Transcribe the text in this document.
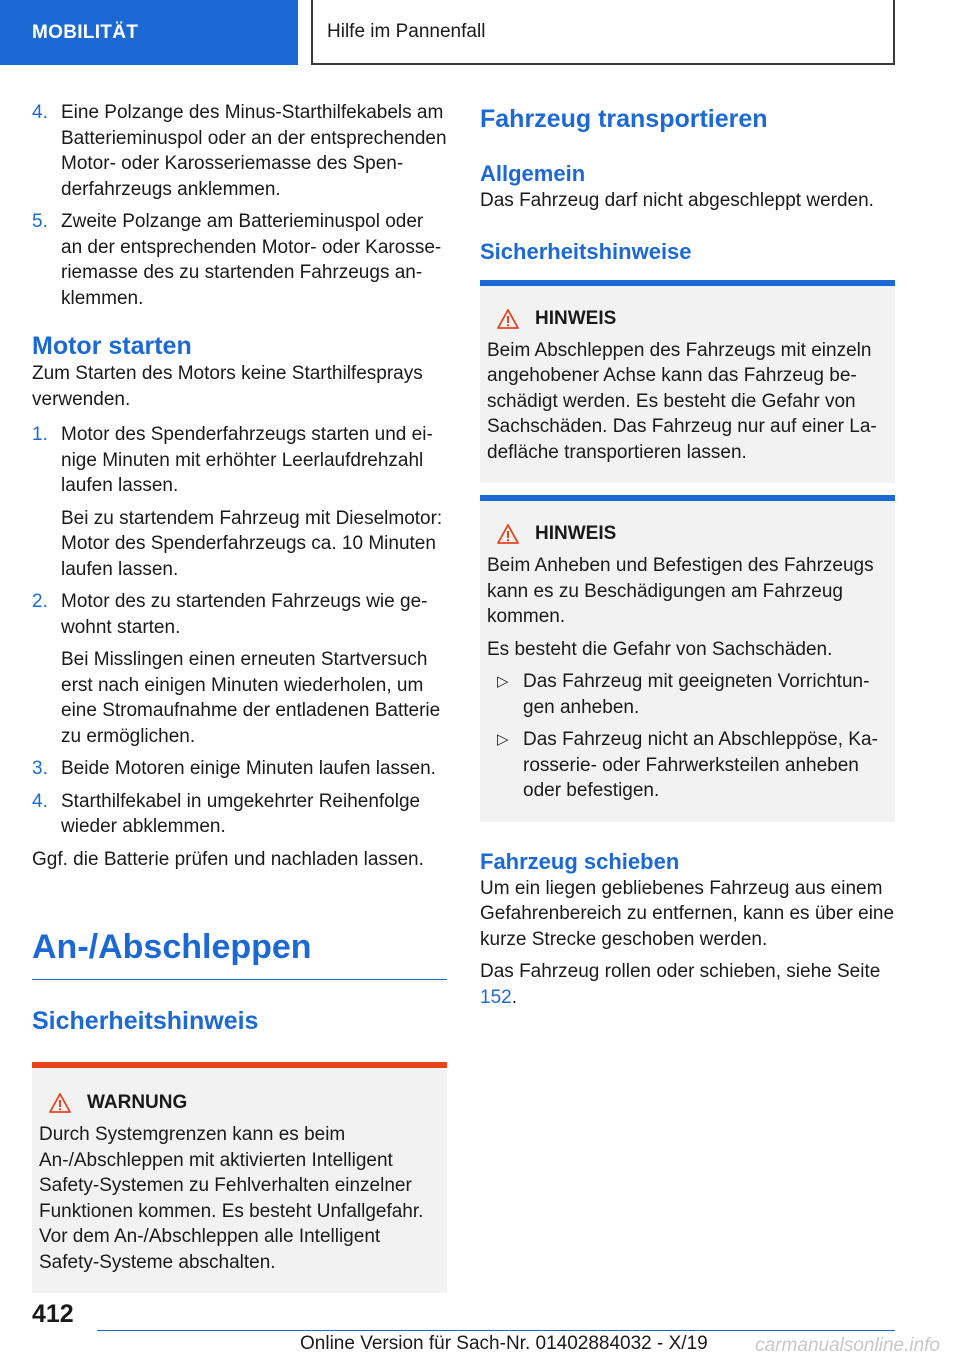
MOBILITÄT	Hilfe im Pannenfall
4. Eine Polzange des Minus-Starthilfekabels am Batterieminuspol oder an der entsprechenden Motor- oder Karosseriemasse des Spenderfahrzeugs anklemmen.
5. Zweite Polzange am Batterieminuspol oder an der entsprechenden Motor- oder Karosseriemasse des zu startenden Fahrzeugs anklemmen.
Motor starten

Zum Starten des Motors keine Starthilfesprays verwenden.

1. Motor des Spenderfahrzeugs starten und einige Minuten mit erhöhter Leerlaufdrehzahl laufen lassen.

Bei zu startendem Fahrzeug mit Dieselmotor: Motor des Spenderfahrzeugs ca. 10 Minuten laufen lassen.

2. Motor des zu startenden Fahrzeugs wie gewohnt starten.

Bei Misslingen einen erneuten Startversuch erst nach einigen Minuten wiederholen, um eine Stromaufnahme der entladenen Batterie zu ermöglichen.

3. Beide Motoren einige Minuten laufen lassen.
4. Starthilfekabel in umgekehrter Reihenfolge wieder abklemmen.

Ggf. die Batterie prüfen und nachladen lassen.

An-/Abschleppen
Sicherheitshinweis
WARNUNG

Durch Systemgrenzen kann es beim An-/Abschleppen mit aktivierten Intelligent Safety-Systemen zu Fehlverhalten einzelner Funktionen kommen. Es besteht Unfallgefahr. Vor dem An-/Abschleppen alle Intelligent Safety-Systeme abschalten.

Fahrzeug transportieren
Allgemein

Das Fahrzeug darf nicht abgeschleppt werden.

Sicherheitshinweise
HINWEIS

Beim Abschleppen des Fahrzeugs mit einzeln angehobener Achse kann das Fahrzeug beschädigt werden. Es besteht die Gefahr von Sachschäden. Das Fahrzeug nur auf einer Ladefläche transportieren lassen.

HINWEIS

Beim Anheben und Befestigen des Fahrzeugs kann es zu Beschädigungen am Fahrzeug kommen.

Es besteht die Gefahr von Sachschäden.

▷ Das Fahrzeug mit geeigneten Vorrichtungen anheben.
▷ Das Fahrzeug nicht an Abschleppöse, Karosserie- oder Fahrwerksteilen anheben oder befestigen.
Fahrzeug schieben

Um ein liegen gebliebenes Fahrzeug aus einem Gefahrenbereich zu entfernen, kann es über eine kurze Strecke geschoben werden.

Das Fahrzeug rollen oder schieben, siehe Seite 152.

412
Online Version für Sach-Nr. 01402884032 - X/19 carmanualsonline.info
